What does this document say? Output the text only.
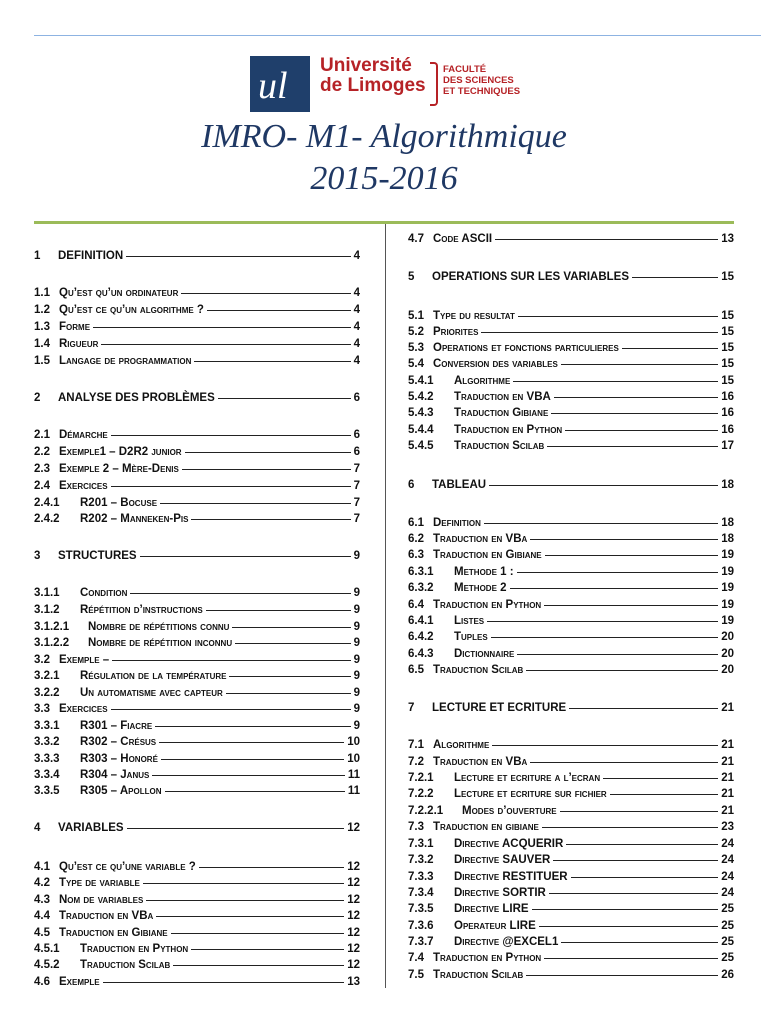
ul Université
de Limoges
FACULTÉ
DES SCIENCES
ET TECHNIQUES
IMRO- M1- Algorithmique
2015-2016
1	DEFINITION	4
1.1 Qu’est qu’un ordinateur	4
1.2 Qu’est ce qu’un algorithme ?	4
1.3 Forme	4
1.4 Rigueur	4
1.5 Langage de programmation	4
2	ANALYSE DES PROBLÈMES	6
2.1 Démarche	6
2.2 Exemple1 – D2R2 junior	6
2.3 Exemple 2 – Mère-Denis	7
2.4 Exercices	7
2.4.1	R201 – Bocuse	7
2.4.2	R202 – Manneken-Pis	7
3	STRUCTURES	9
3.1.1	Condition	9
3.1.2	Répétition d’instructions	9
3.1.2.1	Nombre de répétitions connu	9
3.1.2.2	Nombre de répétition inconnu	9
3.2 Exemple –	9
3.2.1	Régulation de la température	9
3.2.2	Un automatisme avec capteur	9
3.3 Exercices	9
3.3.1	R301 – Fiacre	9
3.3.2	R302 – Crésus	10
3.3.3	R303 – Honoré	10
3.3.4	R304 – Janus	11
3.3.5	R305 – Apollon	11
4	VARIABLES	12
4.1 Qu’est ce qu’une variable ?	12
4.2 Type de variable	12
4.3 Nom de variables	12
4.4 Traduction en VBa	12
4.5 Traduction en Gibiane	12
4.5.1	Traduction en Python	12
4.5.2	Traduction Scilab	12
4.6 Exemple	13
4.7 Code ASCII	13
5	OPERATIONS SUR LES VARIABLES	15
5.1 Type du resultat	15
5.2 Priorites	15
5.3 Operations et fonctions particulieres	15
5.4 Conversion des variables	15
5.4.1	Algorithme	15
5.4.2	Traduction en VBA	16
5.4.3	Traduction Gibiane	16
5.4.4	Traduction en Python	16
5.4.5	Traduction Scilab	17
6	TABLEAU	18
6.1 Definition	18
6.2 Traduction en VBa	18
6.3 Traduction en Gibiane	19
6.3.1	Methode 1 :	19
6.3.2	Methode 2	19
6.4 Traduction en Python	19
6.4.1	Listes	19
6.4.2	Tuples	20
6.4.3	Dictionnaire	20
6.5 Traduction Scilab	20
7	LECTURE ET ECRITURE	21
7.1 Algorithme	21
7.2 Traduction en VBa	21
7.2.1	Lecture et ecriture a l’ecran	21
7.2.2	Lecture et ecriture sur fichier	21
7.2.2.1	Modes d’ouverture	21
7.3 Traduction en gibiane	23
7.3.1	Directive ACQUERIR	24
7.3.2	Directive SAUVER	24
7.3.3	Directive RESTITUER	24
7.3.4	Directive SORTIR	24
7.3.5	Directive LIRE	25
7.3.6	Operateur LIRE	25
7.3.7	Directive @EXCEL1	25
7.4 Traduction en Python	25
7.5 Traduction Scilab	26
